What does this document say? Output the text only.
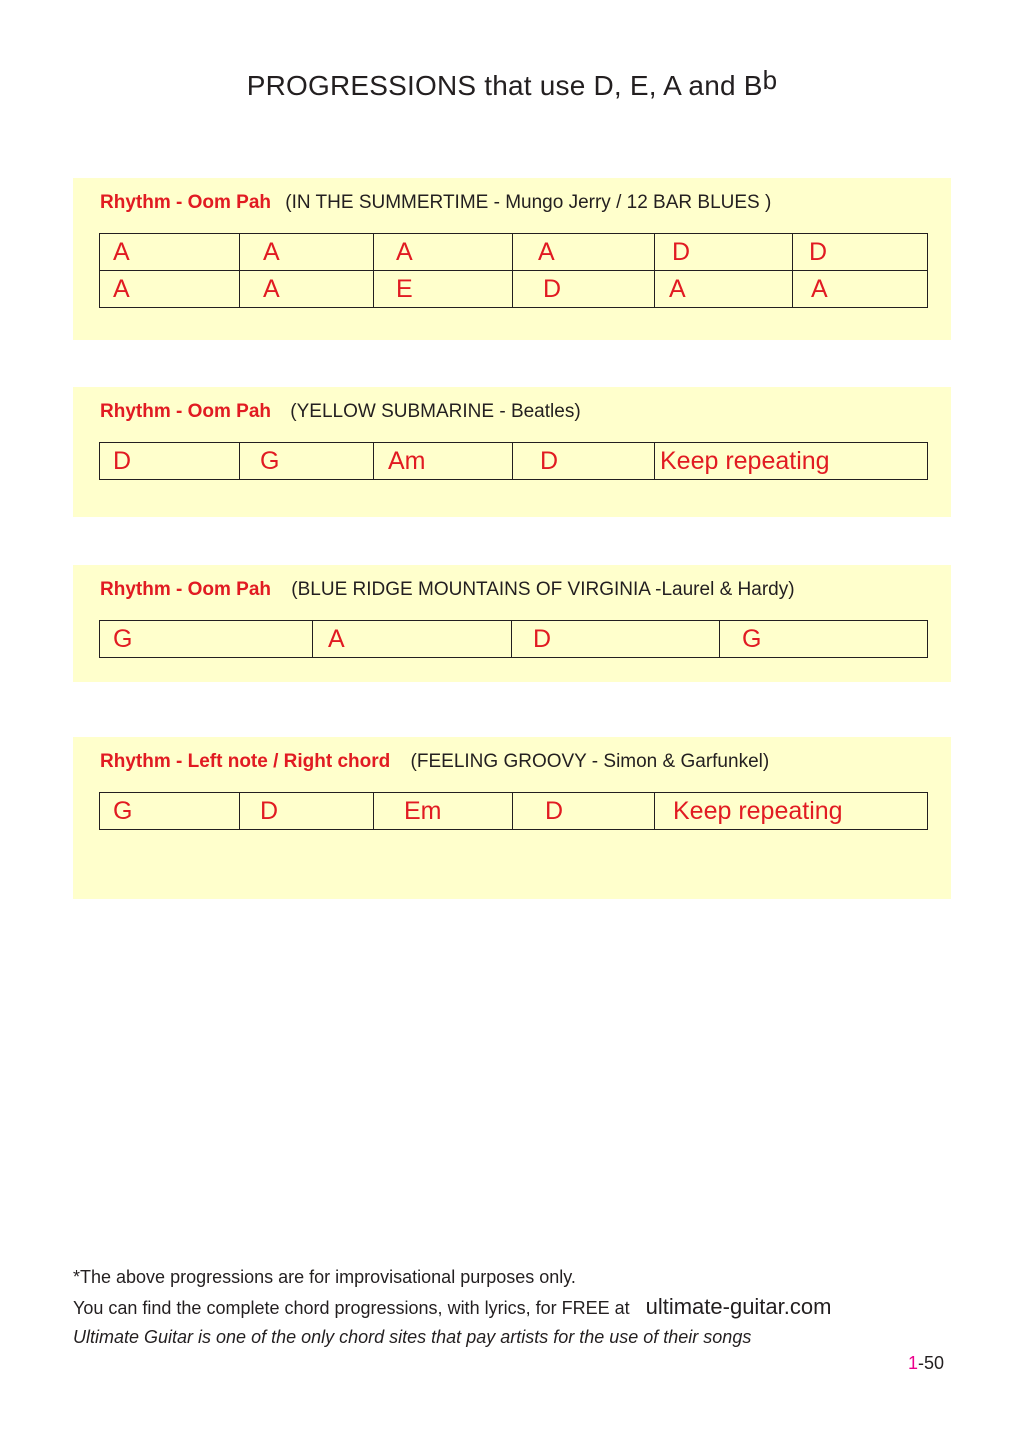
PROGRESSIONS that use D, E, A and $B^b$
Rhythm - Oom Pah (IN THE SUMMERTIME - Mungo Jerry / 12 BAR BLUES )
A	A	A	A	D	D
A	A	E	D	A	A
Rhythm - Oom Pah (YELLOW SUBMARINE - Beatles)
D	G	Am	D	Keep repeating
Rhythm - Oom Pah (BLUE RIDGE MOUNTAINS OF VIRGINIA -Laurel & Hardy)
G	A	D	G
Rhythm - Left note / Right chord (FEELING GROOVY - Simon & Garfunkel)
G	D	Em	D	Keep repeating
*The above progressions are for improvisational purposes only.
You can find the complete chord progressions, with lyrics, for FREE at ultimate-guitar.com
Ultimate Guitar is one of the only chord sites that pay artists for the use of their songs
1-50
